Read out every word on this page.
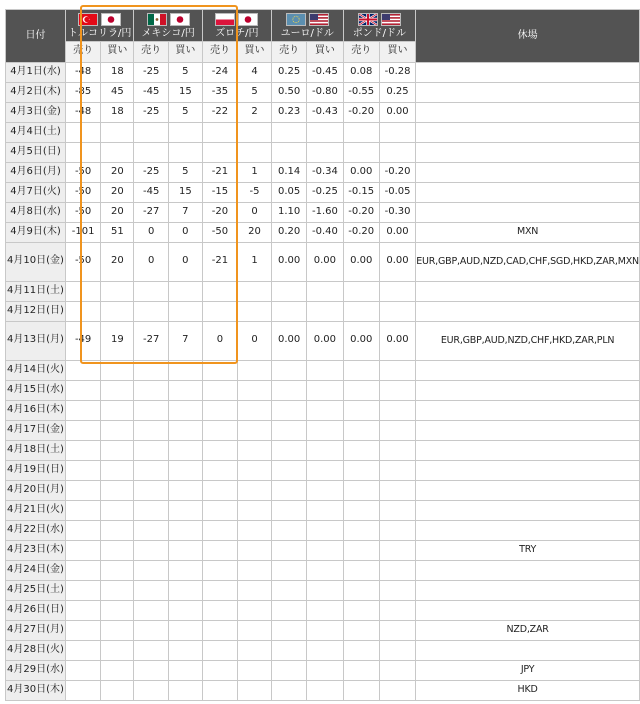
日付	トルコリラ/円		メキシコ/円		ズロチ/円		ユーロ/ドル		ポンド/ドル		休場
	売り	買い	売り	買い	売り	買い	売り	買い	売り	買い	
4月1日(水)	-48	18	-25	5	-24	4	0.25	-0.45	0.08	-0.28	
4月2日(木)	-85	45	-45	15	-35	5	0.50	-0.80	-0.55	0.25	
4月3日(金)	-48	18	-25	5	-22	2	0.23	-0.43	-0.20	0.00	
4月4日(土)											
4月5日(日)											
4月6日(月)	-50	20	-25	5	-21	1	0.14	-0.34	0.00	-0.20	
4月7日(火)	-50	20	-45	15	-15	-5	0.05	-0.25	-0.15	-0.05	
4月8日(水)	-50	20	-27	7	-20	0	1.10	-1.60	-0.20	-0.30	
4月9日(木)	-101	51	0	0	-50	20	0.20	-0.40	-0.20	0.00	MXN
4月10日(金)	-50	20	0	0	-21	1	0.00	0.00	0.00	0.00	EUR,GBP,AUD,NZD,CAD,CHF,SGD,HKD,ZAR,MXN
4月11日(土)											
4月12日(日)											
4月13日(月)	-49	19	-27	7	0	0	0.00	0.00	0.00	0.00	EUR,GBP,AUD,NZD,CHF,HKD,ZAR,PLN
4月14日(火)											
4月15日(水)											
4月16日(木)											
4月17日(金)											
4月18日(土)											
4月19日(日)											
4月20日(月)											
4月21日(火)											
4月22日(水)											
4月23日(木)											TRY
4月24日(金)											
4月25日(土)											
4月26日(日)											
4月27日(月)											NZD,ZAR
4月28日(火)											
4月29日(水)											JPY
4月30日(木)											HKD
